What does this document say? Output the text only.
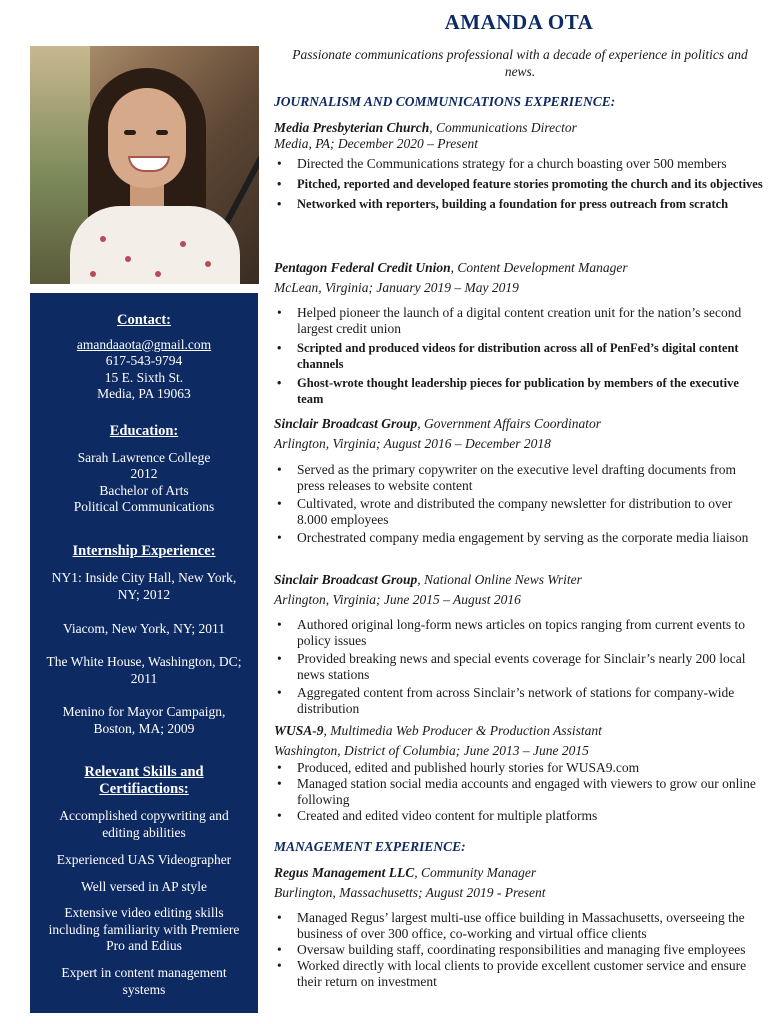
Contact:
amandaaota@gmail.com
617-543-9794
15 E. Sixth St.
Media, PA 19063
Education:
Sarah Lawrence College
2012
Bachelor of Arts
Political Communications
Internship Experience:
NY1: Inside City Hall, New York,
NY; 2012
Viacom, New York, NY; 2011
The White House, Washington, DC;
2011
Menino for Mayor Campaign,
Boston, MA; 2009
Relevant Skills and
Certifiactions:
Accomplished copywriting and
editing abilities
Experienced UAS Videographer
Well versed in AP style
Extensive video editing skills
including familiarity with Premiere
Pro and Edius
Expert in content management
systems
AMANDA OTA
Passionate communications professional with a decade of experience in politics and news.
JOURNALISM AND COMMUNICATIONS EXPERIENCE:
Media Presbyterian Church, Communications Director
Media, PA; December 2020 – Present
• Directed the Communications strategy for a church boasting over 500 members
• Pitched, reported and developed feature stories promoting the church and its objectives
• Networked with reporters, building a foundation for press outreach from scratch
Pentagon Federal Credit Union, Content Development Manager
McLean, Virginia; January 2019 – May 2019
• Helped pioneer the launch of a digital content creation unit for the nation’s second largest credit union
• Scripted and produced videos for distribution across all of PenFed’s digital content channels
• Ghost-wrote thought leadership pieces for publication by members of the executive team
Sinclair Broadcast Group, Government Affairs Coordinator
Arlington, Virginia; August 2016 – December 2018
• Served as the primary copywriter on the executive level drafting documents from press releases to website content
• Cultivated, wrote and distributed the company newsletter for distribution to over 8.000 employees
• Orchestrated company media engagement by serving as the corporate media liaison
Sinclair Broadcast Group, National Online News Writer
Arlington, Virginia; June 2015 – August 2016
• Authored original long-form news articles on topics ranging from current events to policy issues
• Provided breaking news and special events coverage for Sinclair’s nearly 200 local news stations
• Aggregated content from across Sinclair’s network of stations for company-wide distribution
WUSA-9, Multimedia Web Producer & Production Assistant
Washington, District of Columbia; June 2013 – June 2015
• Produced, edited and published hourly stories for WUSA9.com
• Managed station social media accounts and engaged with viewers to grow our online following
• Created and edited video content for multiple platforms
MANAGEMENT EXPERIENCE:
Regus Management LLC, Community Manager
Burlington, Massachusetts; August 2019 - Present
• Managed Regus’ largest multi-use office building in Massachusetts, overseeing the business of over 300 office, co-working and virtual office clients
• Oversaw building staff, coordinating responsibilities and managing five employees
• Worked directly with local clients to provide excellent customer service and ensure their return on investment
